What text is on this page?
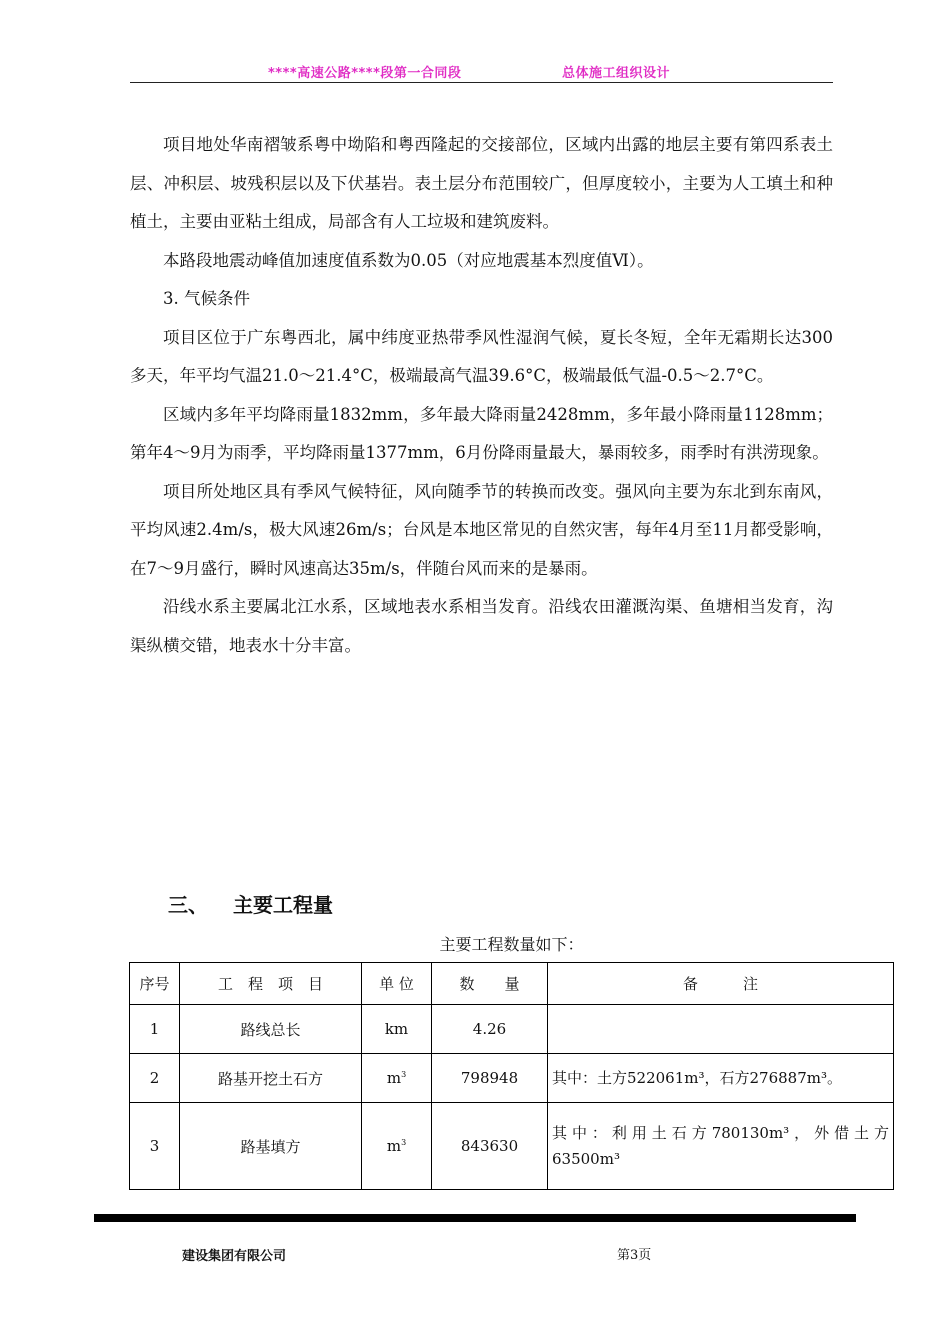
****高速公路****段第一合同段	总体施工组织设计

项目地处华南褶皱系粤中坳陷和粤西隆起的交接部位，区域内出露的地层主要有第四系表土层、冲积层、坡残积层以及下伏基岩。表土层分布范围较广，但厚度较小，主要为人工填土和种植土，主要由亚粘土组成，局部含有人工垃圾和建筑废料。

本路段地震动峰值加速度值系数为0.05（对应地震基本烈度值Ⅵ）。

3. 气候条件

项目区位于广东粤西北，属中纬度亚热带季风性湿润气候，夏长冬短，全年无霜期长达300多天，年平均气温21.0～21.4°C，极端最高气温39.6°C，极端最低气温-0.5～2.7°C。

区域内多年平均降雨量1832mm，多年最大降雨量2428mm，多年最小降雨量1128mm；第年4～9月为雨季，平均降雨量1377mm，6月份降雨量最大，暴雨较多，雨季时有洪涝现象。

项目所处地区具有季风气候特征，风向随季节的转换而改变。强风向主要为东北到东南风，平均风速2.4m/s，极大风速26m/s；台风是本地区常见的自然灾害，每年4月至11月都受影响，在7～9月盛行，瞬时风速高达35m/s，伴随台风而来的是暴雨。

沿线水系主要属北江水系，区域地表水系相当发育。沿线农田灌溉沟渠、鱼塘相当发育，沟渠纵横交错，地表水十分丰富。

三、 主要工程量
主要工程数量如下：
序号	工　程　项　目	单 位	数　　量	备　　　注
1	路线总长	km	4.26	
2	路基开挖土石方	$m^3$	798948	其中：土方522061m³，石方276887m³。
3	路基填方	$m^3$	843630	其中：利用土石方780130m³，外借土方63500m³
建设集团有限公司	第3页
